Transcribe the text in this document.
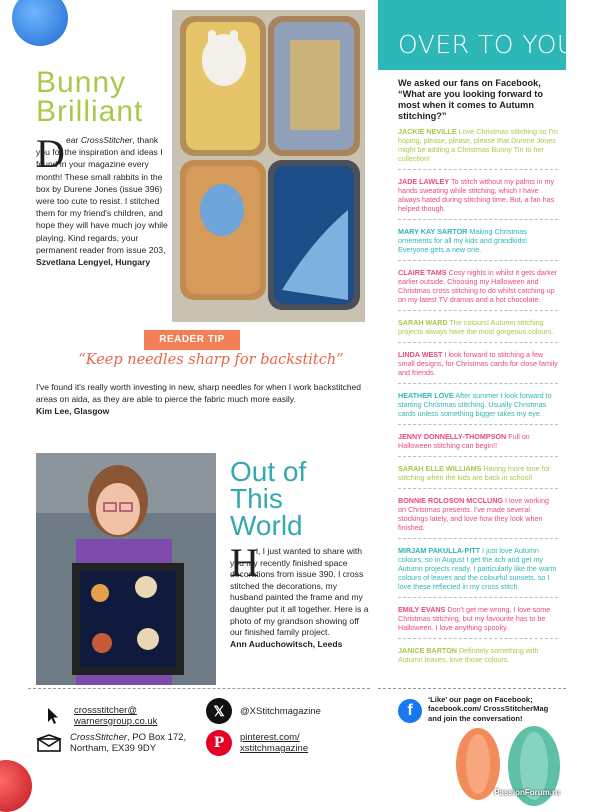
Bunny
Brilliant
D ear CrossStitcher, thank you for the inspiration and ideas I found in your magazine every month! These small rabbits in the box by Durene Jones (issue 396) were too cute to resist. I stitched them for my friend's children, and hope they will have much joy while playing. Kind regards, your permanent reader from issue 203,
Szvetlana Lengyel, Hungary

READER TIP
“Keep needles sharp for backstitch”

I've found it's really worth investing in new, sharp needles for when I work backstitched areas on aida, as they are able to pierce the fabric much more easily.
Kim Lee, Glasgow

Out of
This
World
H

i, I just wanted to share with you my recently finished space decorations from issue 390. I cross stitched the decorations, my husband painted the frame and my daughter put it all together. Here is a photo of my grandson showing off our finished family project.
Ann Auduchowitsch, Leeds

crossstitcher@
warnersgroup.co.uk
CrossStitcher, PO Box 172,
Northam, EX39 9DY
𝕏	@XStitchmagazine
P	pinterest.com/
xstitchmagazine
OVER TO YOU...
We asked our fans on Facebook, “What are you looking forward to most when it comes to Autumn stitching?”
JACKIE NEVILLE Love Christmas stitching so I'm hoping, please, please, please that Durene Jones might be adding a Christmas Bunny Tin to her collection!
JADE LAWLEY To stitch without my palms in my hands sweating while stitching, which I have always hated during stitching time. But, a fan has helped though.
MARY KAY SARTOR Making Christmas ornements for all my kids and grandkids! Everyone gets a new one.
CLAIRE TAMS Cosy nights in whilst it gets darker earlier outside. Choosing my Halloween and Christmas cross stitching to do whilst catching up on my latest TV dramas and a hot chocolate.
SARAH WARD The colours! Autumn stitching projects always have the most gorgeous colours.
LINDA WEST I look forward to stitching a few small designs, for Christmas cards for close family and friends.
HEATHER LOVE After summer I look forward to starting Christmas stitching. Usually Christmas cards unless something bigger takes my eye.
JENNY DONNELLY-THOMPSON Full on Halloween stitching can begin!!
SARAH ELLE WILLIAMS Having more time for stitching when the kids are back in school!
BONNIE ROLOSON MCCLUNG I love working on Christmas presents. I've made several stockings lately, and love how they look when finished.
MIRJAM PAKULLA-PITT I just love Autumn colours, so in August I get the itch and get my Autumn projects ready. I particularly like the warm colours of leaves and the colourful sunsets, so I love these reflected in my cross stitch.
EMILY EVANS Don't get me wrong, I love some Christmas stitching, but my favourite has to be Halloween. I love anything spooky.
JANICE BARTON Definitely something with Autumn leaves, love those colours.
f
‘Like’ our page on Facebook; facebook.com/ CrossStitcherMag and join the conversation!
PassionForum.ru
